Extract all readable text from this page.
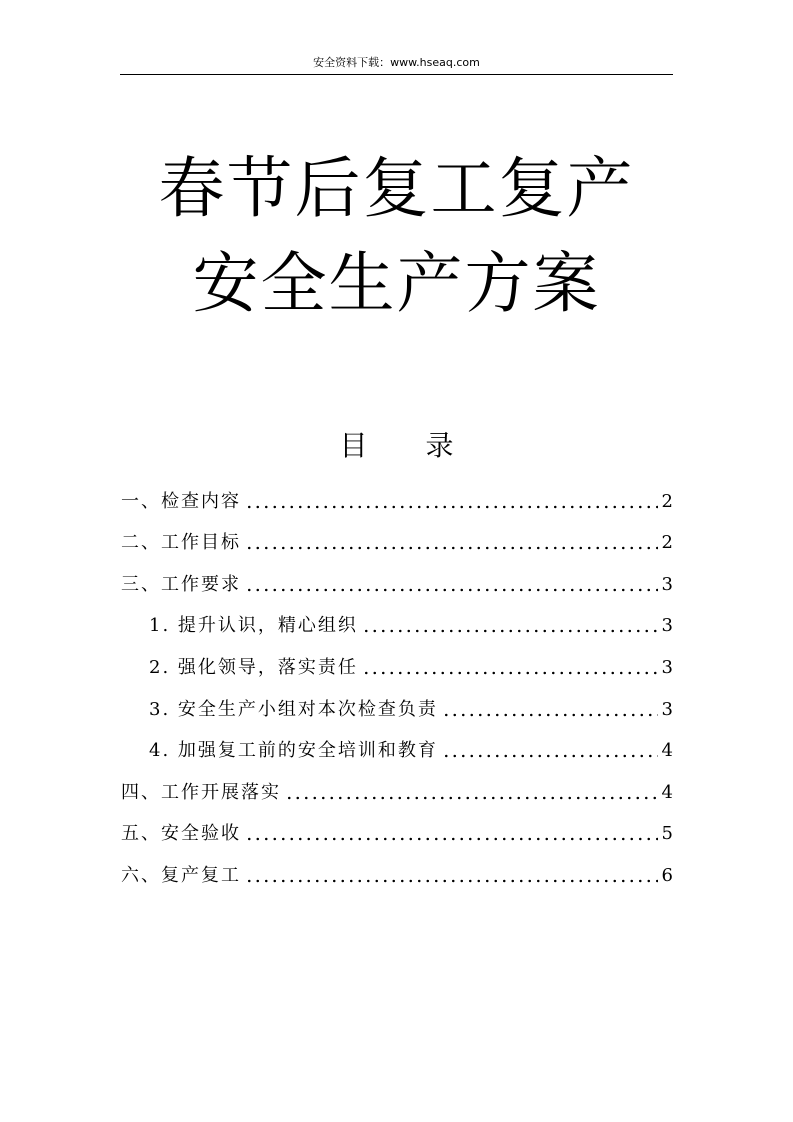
安全资料下载：www.hseaq.com
春节后复工复产
安全生产方案
目 录
一、检查内容	2
二、工作目标	2
三、工作要求	3
1. 提升认识，精心组织	3
2. 强化领导，落实责任	3
3. 安全生产小组对本次检查负责	3
4. 加强复工前的安全培训和教育	4
四、工作开展落实	4
五、安全验收	5
六、复产复工	6
